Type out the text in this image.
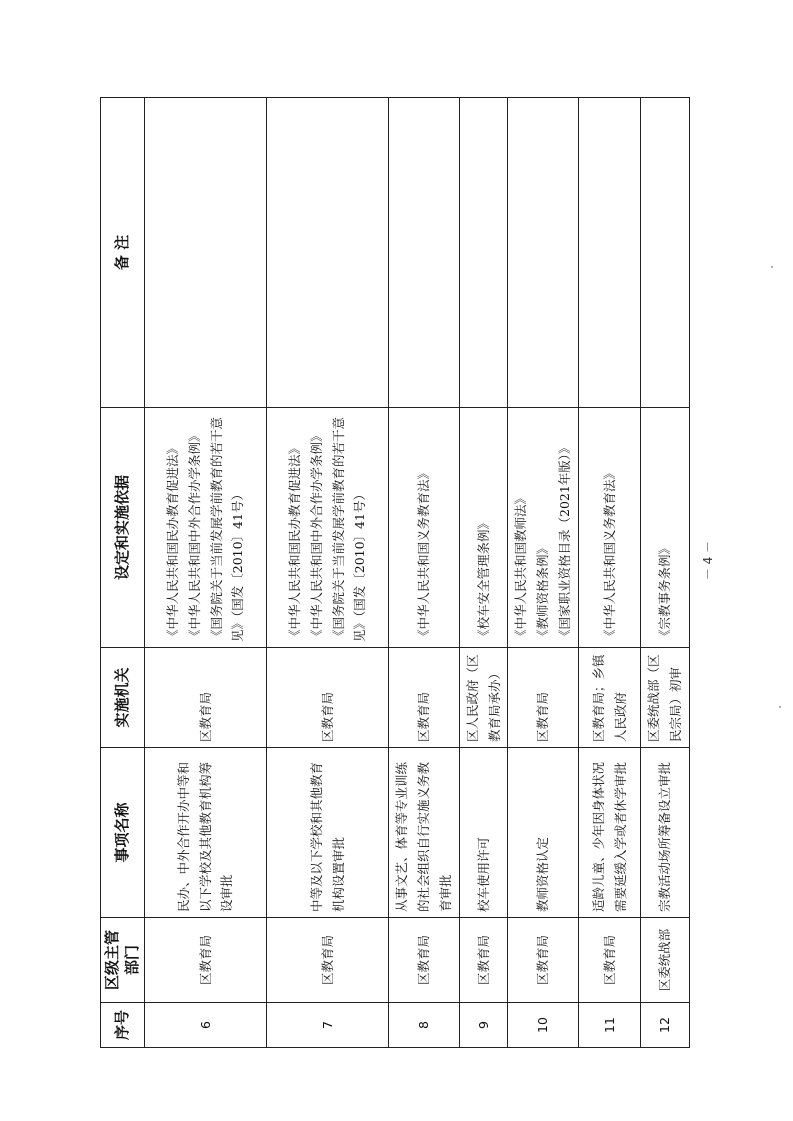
序号	区级主管部门	事项名称	实施机关	设定和实施依据	备 注
6	区教育局	民办、中外合作开办中等和以下学校及其他教育机构筹设审批	区教育局	《中华人民共和国民办教育促进法》 《中华人民共和国中外合作办学条例》 《国务院关于当前发展学前教育的若干意见》（国发〔2010〕41号）	

7	区教育局	中等及以下学校和其他教育机构设置审批	区教育局	《中华人民共和国民办教育促进法》 《中华人民共和国中外合作办学条例》 《国务院关于当前发展学前教育的若干意见》（国发〔2010〕41号）	

8	区教育局	从事文艺、体育等专业训练的社会组织自行实施义务教育审批	区教育局	《中华人民共和国义务教育法》	

9	区教育局	校车使用许可	区人民政府（区教育局承办）	《校车安全管理条例》	

10	区教育局	教师资格认定	区教育局	《中华人民共和国教师法》 《教师资格条例》 《国家职业资格目录（2021年版）》	

11	区教育局	适龄儿童、少年因身体状况需要延缓入学或者休学审批	区教育局；乡镇人民政府	《中华人民共和国义务教育法》	

12	区委统战部	宗教活动场所筹备设立审批	区委统战部（区民宗局）初审	《宗教事务条例》	
		－ 4 －
